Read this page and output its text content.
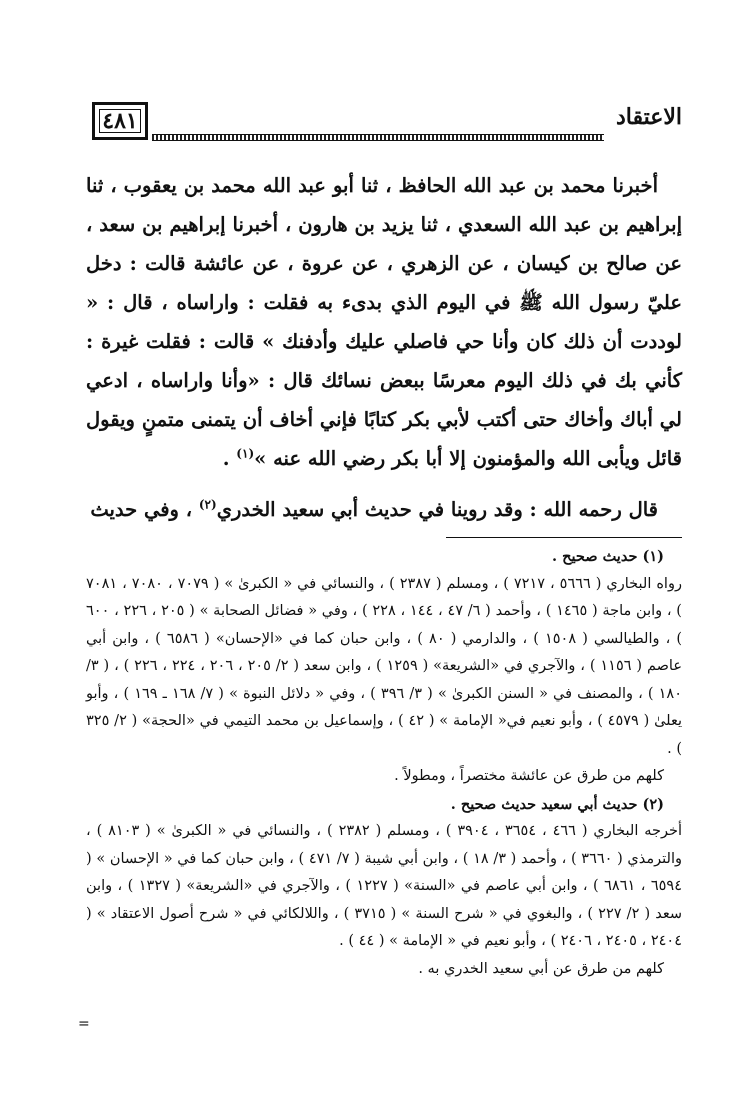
٤٨١	الاعتقاد

أخبرنا محمد بن عبد الله الحافظ ، ثنا أبو عبد الله محمد بن يعقوب ، ثنا إبراهيم بن عبد الله السعدي ، ثنا يزيد بن هارون ، أخبرنا إبراهيم بن سعد ، عن صالح بن كيسان ، عن الزهري ، عن عروة ، عن عائشة قالت : دخل عليّ رسول الله ﷺ في اليوم الذي بدىء به فقلت : واراساه ، قال : « لوددت أن ذلك كان وأنا حي فاصلي عليك وأدفنك » قالت : فقلت غيرة : كأني بك في ذلك اليوم معرسًا ببعض نسائك قال : «وأنا واراساه ، ادعي لي أباك وأخاك حتى أكتب لأبي بكر كتابًا فإني أخاف أن يتمنى متمنٍ ويقول قائل ويأبى الله والمؤمنون إلا أبا بكر رضي الله عنه »$^{(١)}$ .

قال رحمه الله : وقد روينا في حديث أبي سعيد الخدري$^{(٢)}$ ، وفي حديث

(١) حديث صحيح .

رواه البخاري ( ٥٦٦٦ ، ٧٢١٧ ) ، ومسلم ( ٢٣٨٧ ) ، والنسائي في « الكبرىٰ » ( ٧٠٧٩ ، ٧٠٨٠ ، ٧٠٨١ ) ، وابن ماجة ( ١٤٦٥ ) ، وأحمد ( ٦/ ٤٧ ، ١٤٤ ، ٢٢٨ ) ، وفي « فضائل الصحابة » ( ٢٠٥ ، ٢٢٦ ، ٦٠٠ ) ، والطيالسي ( ١٥٠٨ ) ، والدارمي ( ٨٠ ) ، وابن حبان كما في «الإحسان» ( ٦٥٨٦ ) ، وابن أبي عاصم ( ١١٥٦ ) ، والآجري في «الشريعة» ( ١٢٥٩ ) ، وابن سعد ( ٢/ ٢٠٥ ، ٢٠٦ ، ٢٢٤ ، ٢٢٦ ) ، ( ٣/ ١٨٠ ) ، والمصنف في « السنن الكبرىٰ » ( ٣/ ٣٩٦ ) ، وفي « دلائل النبوة » ( ٧/ ١٦٨ ـ ١٦٩ ) ، وأبو يعلىٰ ( ٤٥٧٩ ) ، وأبو نعيم في« الإمامة » ( ٤٢ ) ، وإسماعيل بن محمد التيمي في «الحجة» ( ٢/ ٣٢٥ ) .

كلهم من طرق عن عائشة مختصراً ، ومطولاً .

(٢) حديث أبي سعيد حديث صحيح .

أخرجه البخاري ( ٤٦٦ ، ٣٦٥٤ ، ٣٩٠٤ ) ، ومسلم ( ٢٣٨٢ ) ، والنسائي في « الكبرىٰ » ( ٨١٠٣ ) ، والترمذي ( ٣٦٦٠ ) ، وأحمد ( ٣/ ١٨ ) ، وابن أبي شيبة ( ٧/ ٤٧١ ) ، وابن حبان كما في « الإحسان » ( ٦٥٩٤ ، ٦٨٦١ ) ، وابن أبي عاصم في «السنة» ( ١٢٢٧ ) ، والآجري في «الشريعة» ( ١٣٢٧ ) ، وابن سعد ( ٢/ ٢٢٧ ) ، والبغوي في « شرح السنة » ( ٣٧١٥ ) ، واللالكائي في « شرح أصول الاعتقاد » ( ٢٤٠٤ ، ٢٤٠٥ ، ٢٤٠٦ ) ، وأبو نعيم في « الإمامة » ( ٤٤ ) .

كلهم من طرق عن أبي سعيد الخدري به .

=
